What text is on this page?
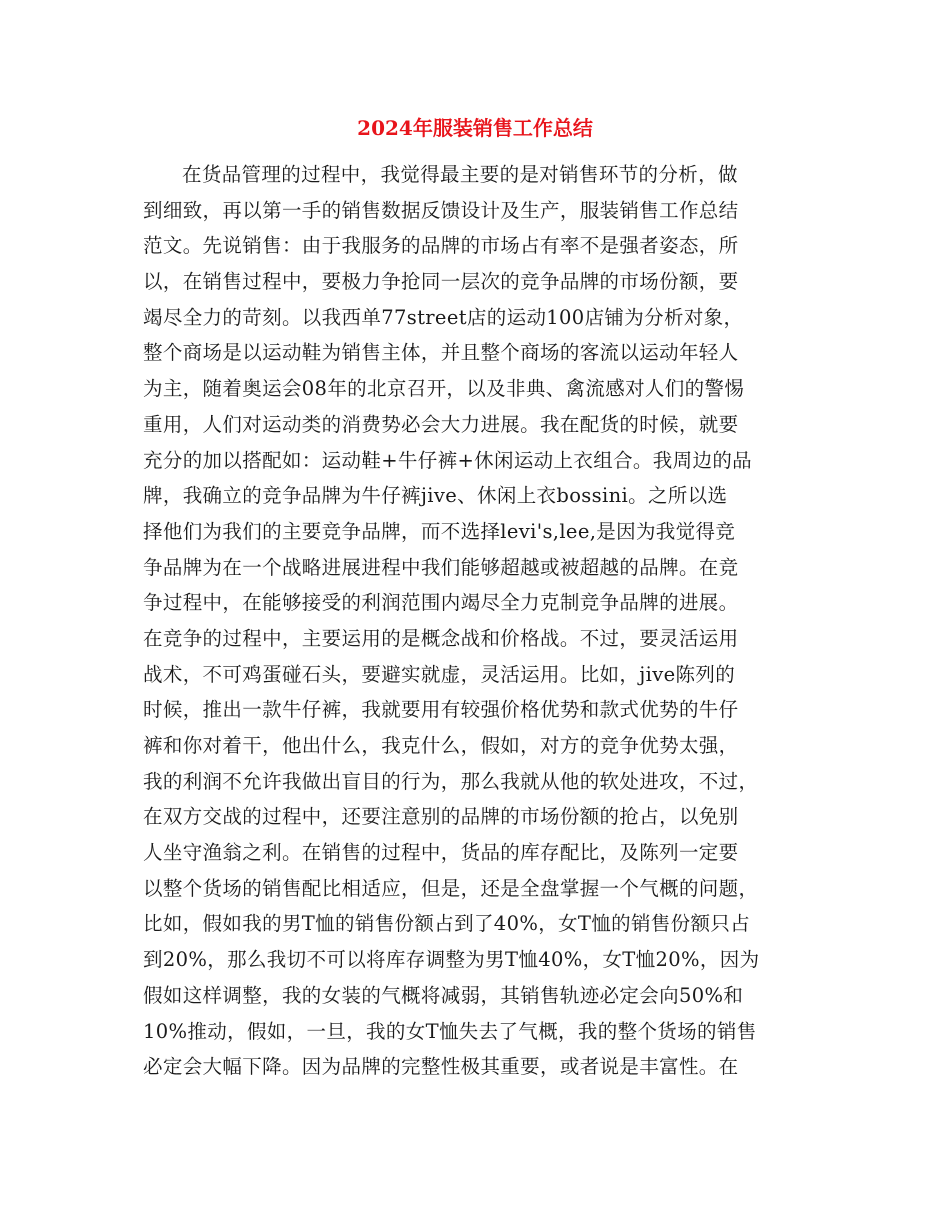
2024年服装销售工作总结
在货品管理的过程中，我觉得最主要的是对销售环节的分析，做
到细致，再以第一手的销售数据反馈设计及生产，服装销售工作总结
范文。先说销售：由于我服务的品牌的市场占有率不是强者姿态，所
以，在销售过程中，要极力争抢同一层次的竞争品牌的市场份额，要
竭尽全力的苛刻。以我西单77street店的运动100店铺为分析对象，
整个商场是以运动鞋为销售主体，并且整个商场的客流以运动年轻人
为主，随着奥运会08年的北京召开，以及非典、禽流感对人们的警惕
重用，人们对运动类的消费势必会大力进展。我在配货的时候，就要
充分的加以搭配如：运动鞋+牛仔裤+休闲运动上衣组合。我周边的品
牌，我确立的竞争品牌为牛仔裤jive、休闲上衣bossini。之所以选
择他们为我们的主要竞争品牌，而不选择levi's,lee,是因为我觉得竞
争品牌为在一个战略进展进程中我们能够超越或被超越的品牌。在竞
争过程中，在能够接受的利润范围内竭尽全力克制竞争品牌的进展。
在竞争的过程中，主要运用的是概念战和价格战。不过，要灵活运用
战术，不可鸡蛋碰石头，要避实就虚，灵活运用。比如，jive陈列的
时候，推出一款牛仔裤，我就要用有较强价格优势和款式优势的牛仔
裤和你对着干，他出什么，我克什么，假如，对方的竞争优势太强，
我的利润不允许我做出盲目的行为，那么我就从他的软处进攻，不过，
在双方交战的过程中，还要注意别的品牌的市场份额的抢占，以免别
人坐守渔翁之利。在销售的过程中，货品的库存配比，及陈列一定要
以整个货场的销售配比相适应，但是，还是全盘掌握一个气概的问题，
比如，假如我的男T恤的销售份额占到了40%，女T恤的销售份额只占
到20%，那么我切不可以将库存调整为男T恤40%，女T恤20%，因为
假如这样调整，我的女装的气概将减弱，其销售轨迹必定会向50%和
10%推动，假如，一旦，我的女T恤失去了气概，我的整个货场的销售
必定会大幅下降。因为品牌的完整性极其重要，或者说是丰富性。在
